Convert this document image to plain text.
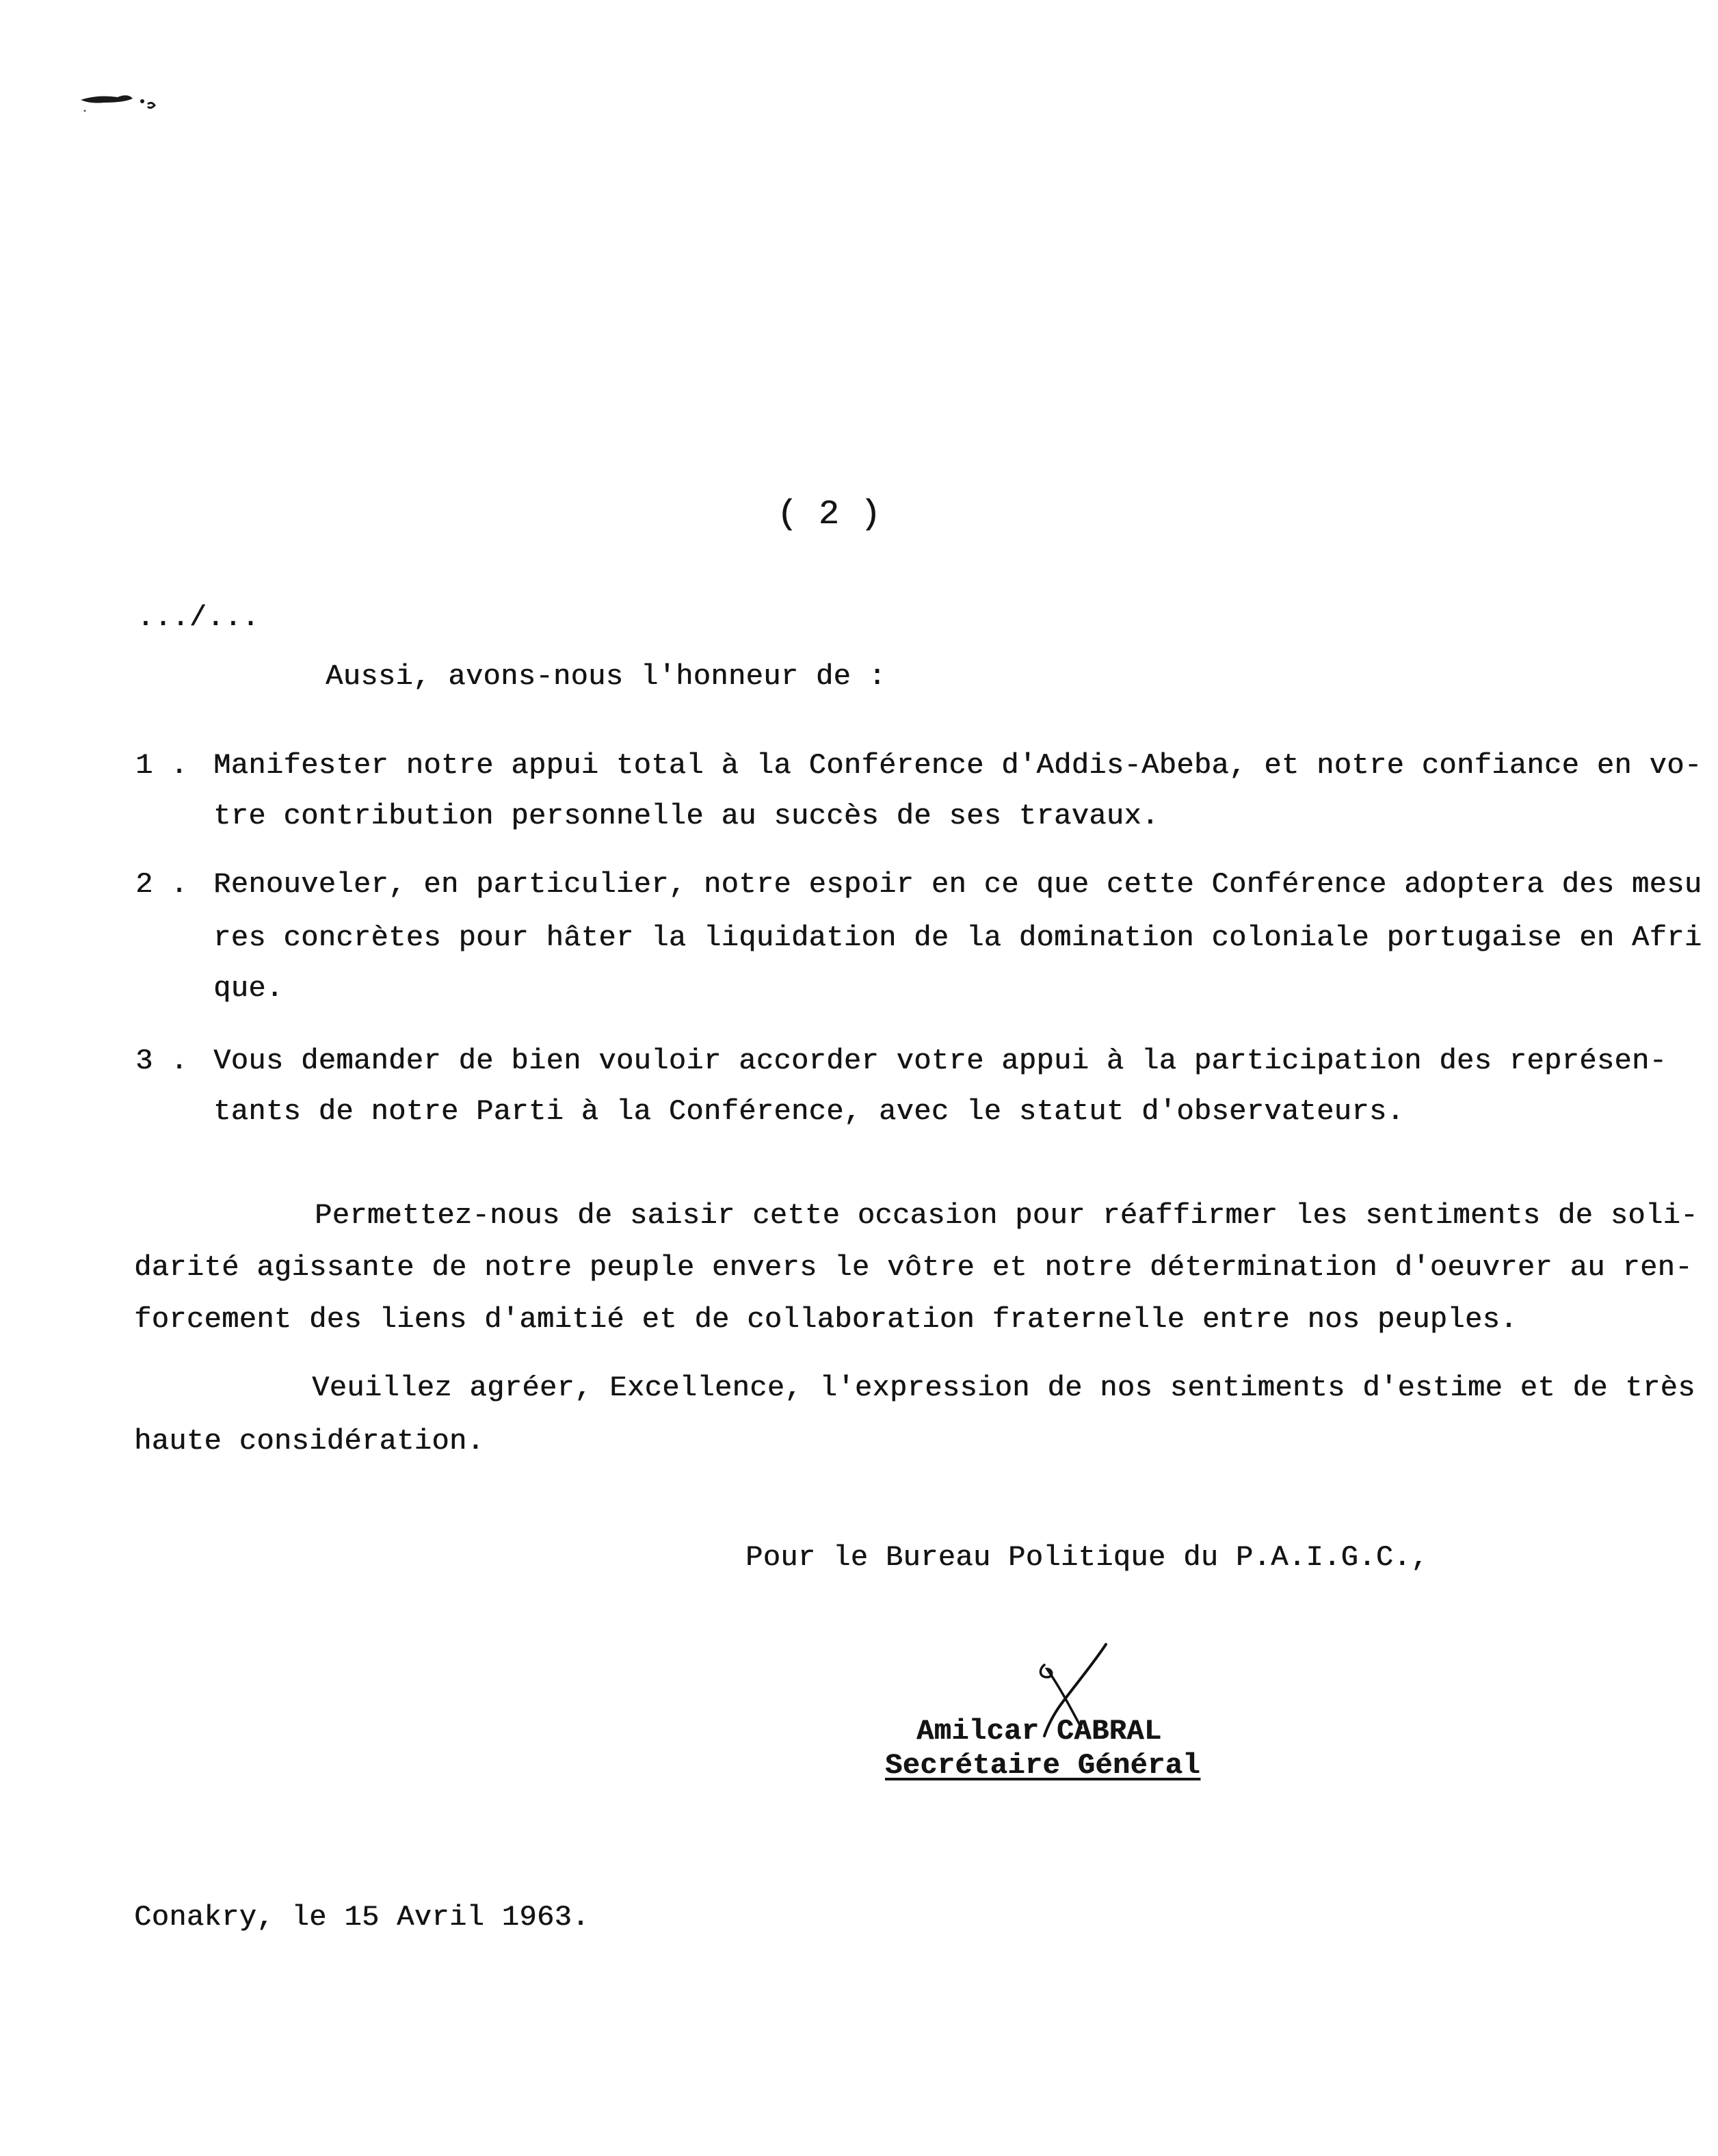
( 2 )
.../...
Aussi, avons-nous l'honneur de :
1 . Manifester notre appui total à la Conférence d'Addis-Abeba, et notre confiance en vo-
tre contribution personnelle au succès de ses travaux.
2 . Renouveler, en particulier, notre espoir en ce que cette Conférence adoptera des mesu
res concrètes pour hâter la liquidation de la domination coloniale portugaise en Afri
que.
3 . Vous demander de bien vouloir accorder votre appui à la participation des représen-
tants de notre Parti à la Conférence, avec le statut d'observateurs.
Permettez-nous de saisir cette occasion pour réaffirmer les sentiments de soli-
darité agissante de notre peuple envers le vôtre et notre détermination d'oeuvrer au ren-
forcement des liens d'amitié et de collaboration fraternelle entre nos peuples.
Veuillez agréer, Excellence, l'expression de nos sentiments d'estime et de très
haute considération.
Pour le Bureau Politique du P.A.I.G.C.,
Amilcar CABRAL
Secrétaire Général
Conakry, le 15 Avril 1963.
